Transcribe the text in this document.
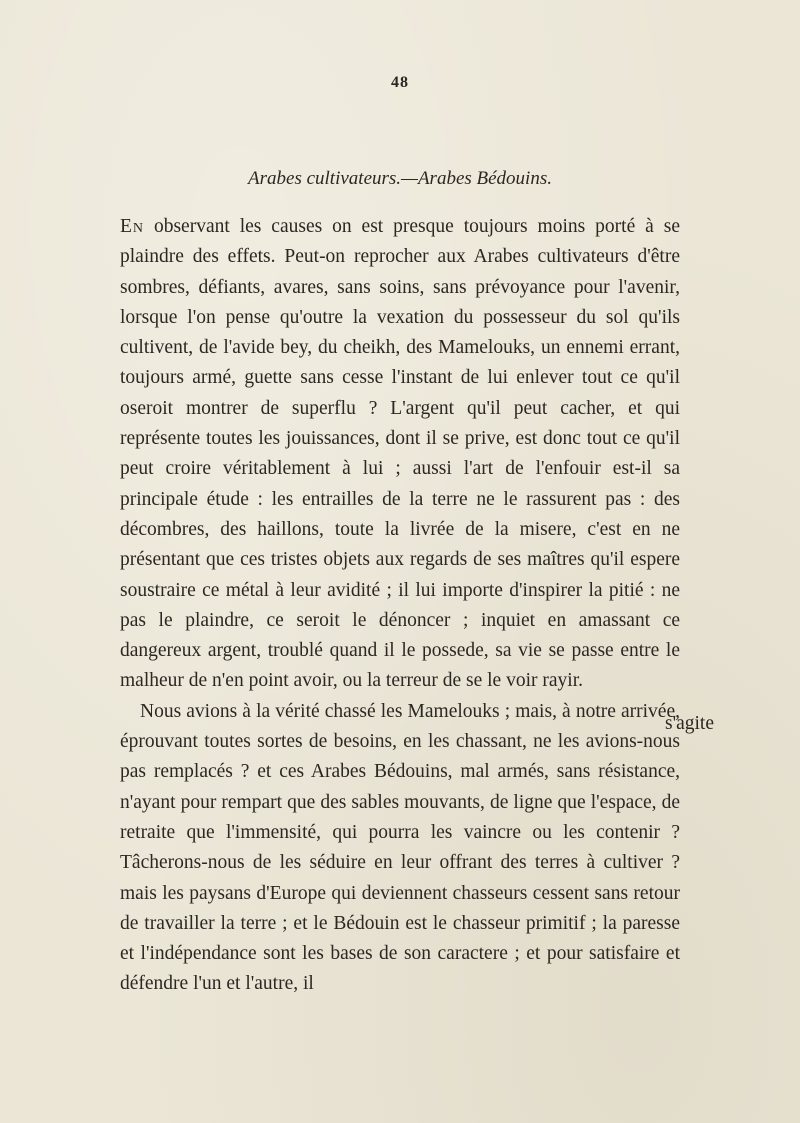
48
Arabes cultivateurs.—Arabes Bédouins.

En observant les causes on est presque toujours moins porté à se plaindre des effets. Peut-on reprocher aux Arabes cultivateurs d'être sombres, défiants, avares, sans soins, sans prévoyance pour l'avenir, lorsque l'on pense qu'outre la vexation du possesseur du sol qu'ils cultivent, de l'avide bey, du cheikh, des Mamelouks, un ennemi errant, toujours armé, guette sans cesse l'instant de lui enlever tout ce qu'il oseroit montrer de superflu ? L'argent qu'il peut cacher, et qui représente toutes les jouissances, dont il se prive, est donc tout ce qu'il peut croire véritablement à lui ; aussi l'art de l'enfouir est-il sa principale étude : les entrailles de la terre ne le rassurent pas : des décombres, des haillons, toute la livrée de la misere, c'est en ne présentant que ces tristes objets aux regards de ses maîtres qu'il espere soustraire ce métal à leur avidité ; il lui importe d'inspirer la pitié : ne pas le plaindre, ce seroit le dénoncer ; inquiet en amassant ce dangereux argent, troublé quand il le possede, sa vie se passe entre le malheur de n'en point avoir, ou la terreur de se le voir rayir.

Nous avions à la vérité chassé les Mamelouks ; mais, à notre arrivée, éprouvant toutes sortes de besoins, en les chassant, ne les avions-nous pas remplacés ? et ces Arabes Bédouins, mal armés, sans résistance, n'ayant pour rempart que des sables mouvants, de ligne que l'espace, de retraite que l'immensité, qui pourra les vaincre ou les contenir ? Tâcherons-nous de les séduire en leur offrant des terres à cultiver ? mais les paysans d'Europe qui deviennent chasseurs cessent sans retour de travailler la terre ; et le Bédouin est le chasseur primitif ; la paresse et l'indépendance sont les bases de son caractere ; et pour satisfaire et défendre l'un et l'autre, il

s'agite
